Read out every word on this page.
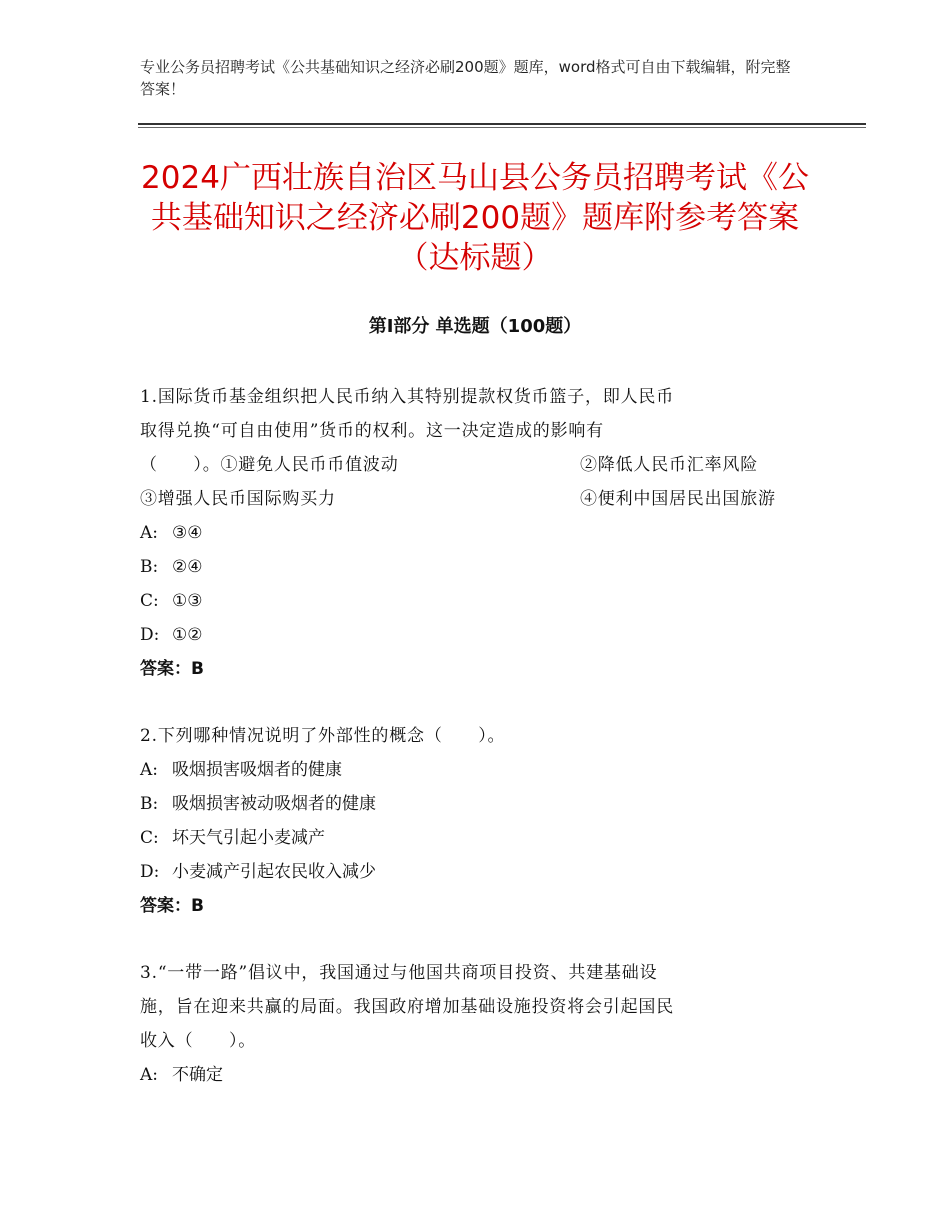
专业公务员招聘考试《公共基础知识之经济必刷200题》题库，word格式可自由下载编辑，附完整答案！
2024广西壮族自治区马山县公务员招聘考试《公共基础知识之经济必刷200题》题库附参考答案（达标题）
第Ⅰ部分 单选题（100题）
1.国际货币基金组织把人民币纳入其特别提款权货币篮子，即人民币
取得兑换“可自由使用”货币的权利。这一决定造成的影响有
（　　）。①避免人民币币值波动	②降低人民币汇率风险
③增强人民币国际购买力	④便利中国居民出国旅游
A: ③④
B: ②④
C: ①③
D: ①②
答案：B
2.下列哪种情况说明了外部性的概念（　　）。
A: 吸烟损害吸烟者的健康
B: 吸烟损害被动吸烟者的健康
C: 坏天气引起小麦减产
D: 小麦减产引起农民收入减少
答案：B
3.“一带一路”倡议中，我国通过与他国共商项目投资、共建基础设
施，旨在迎来共赢的局面。我国政府增加基础设施投资将会引起国民
收入（　　）。
A: 不确定
